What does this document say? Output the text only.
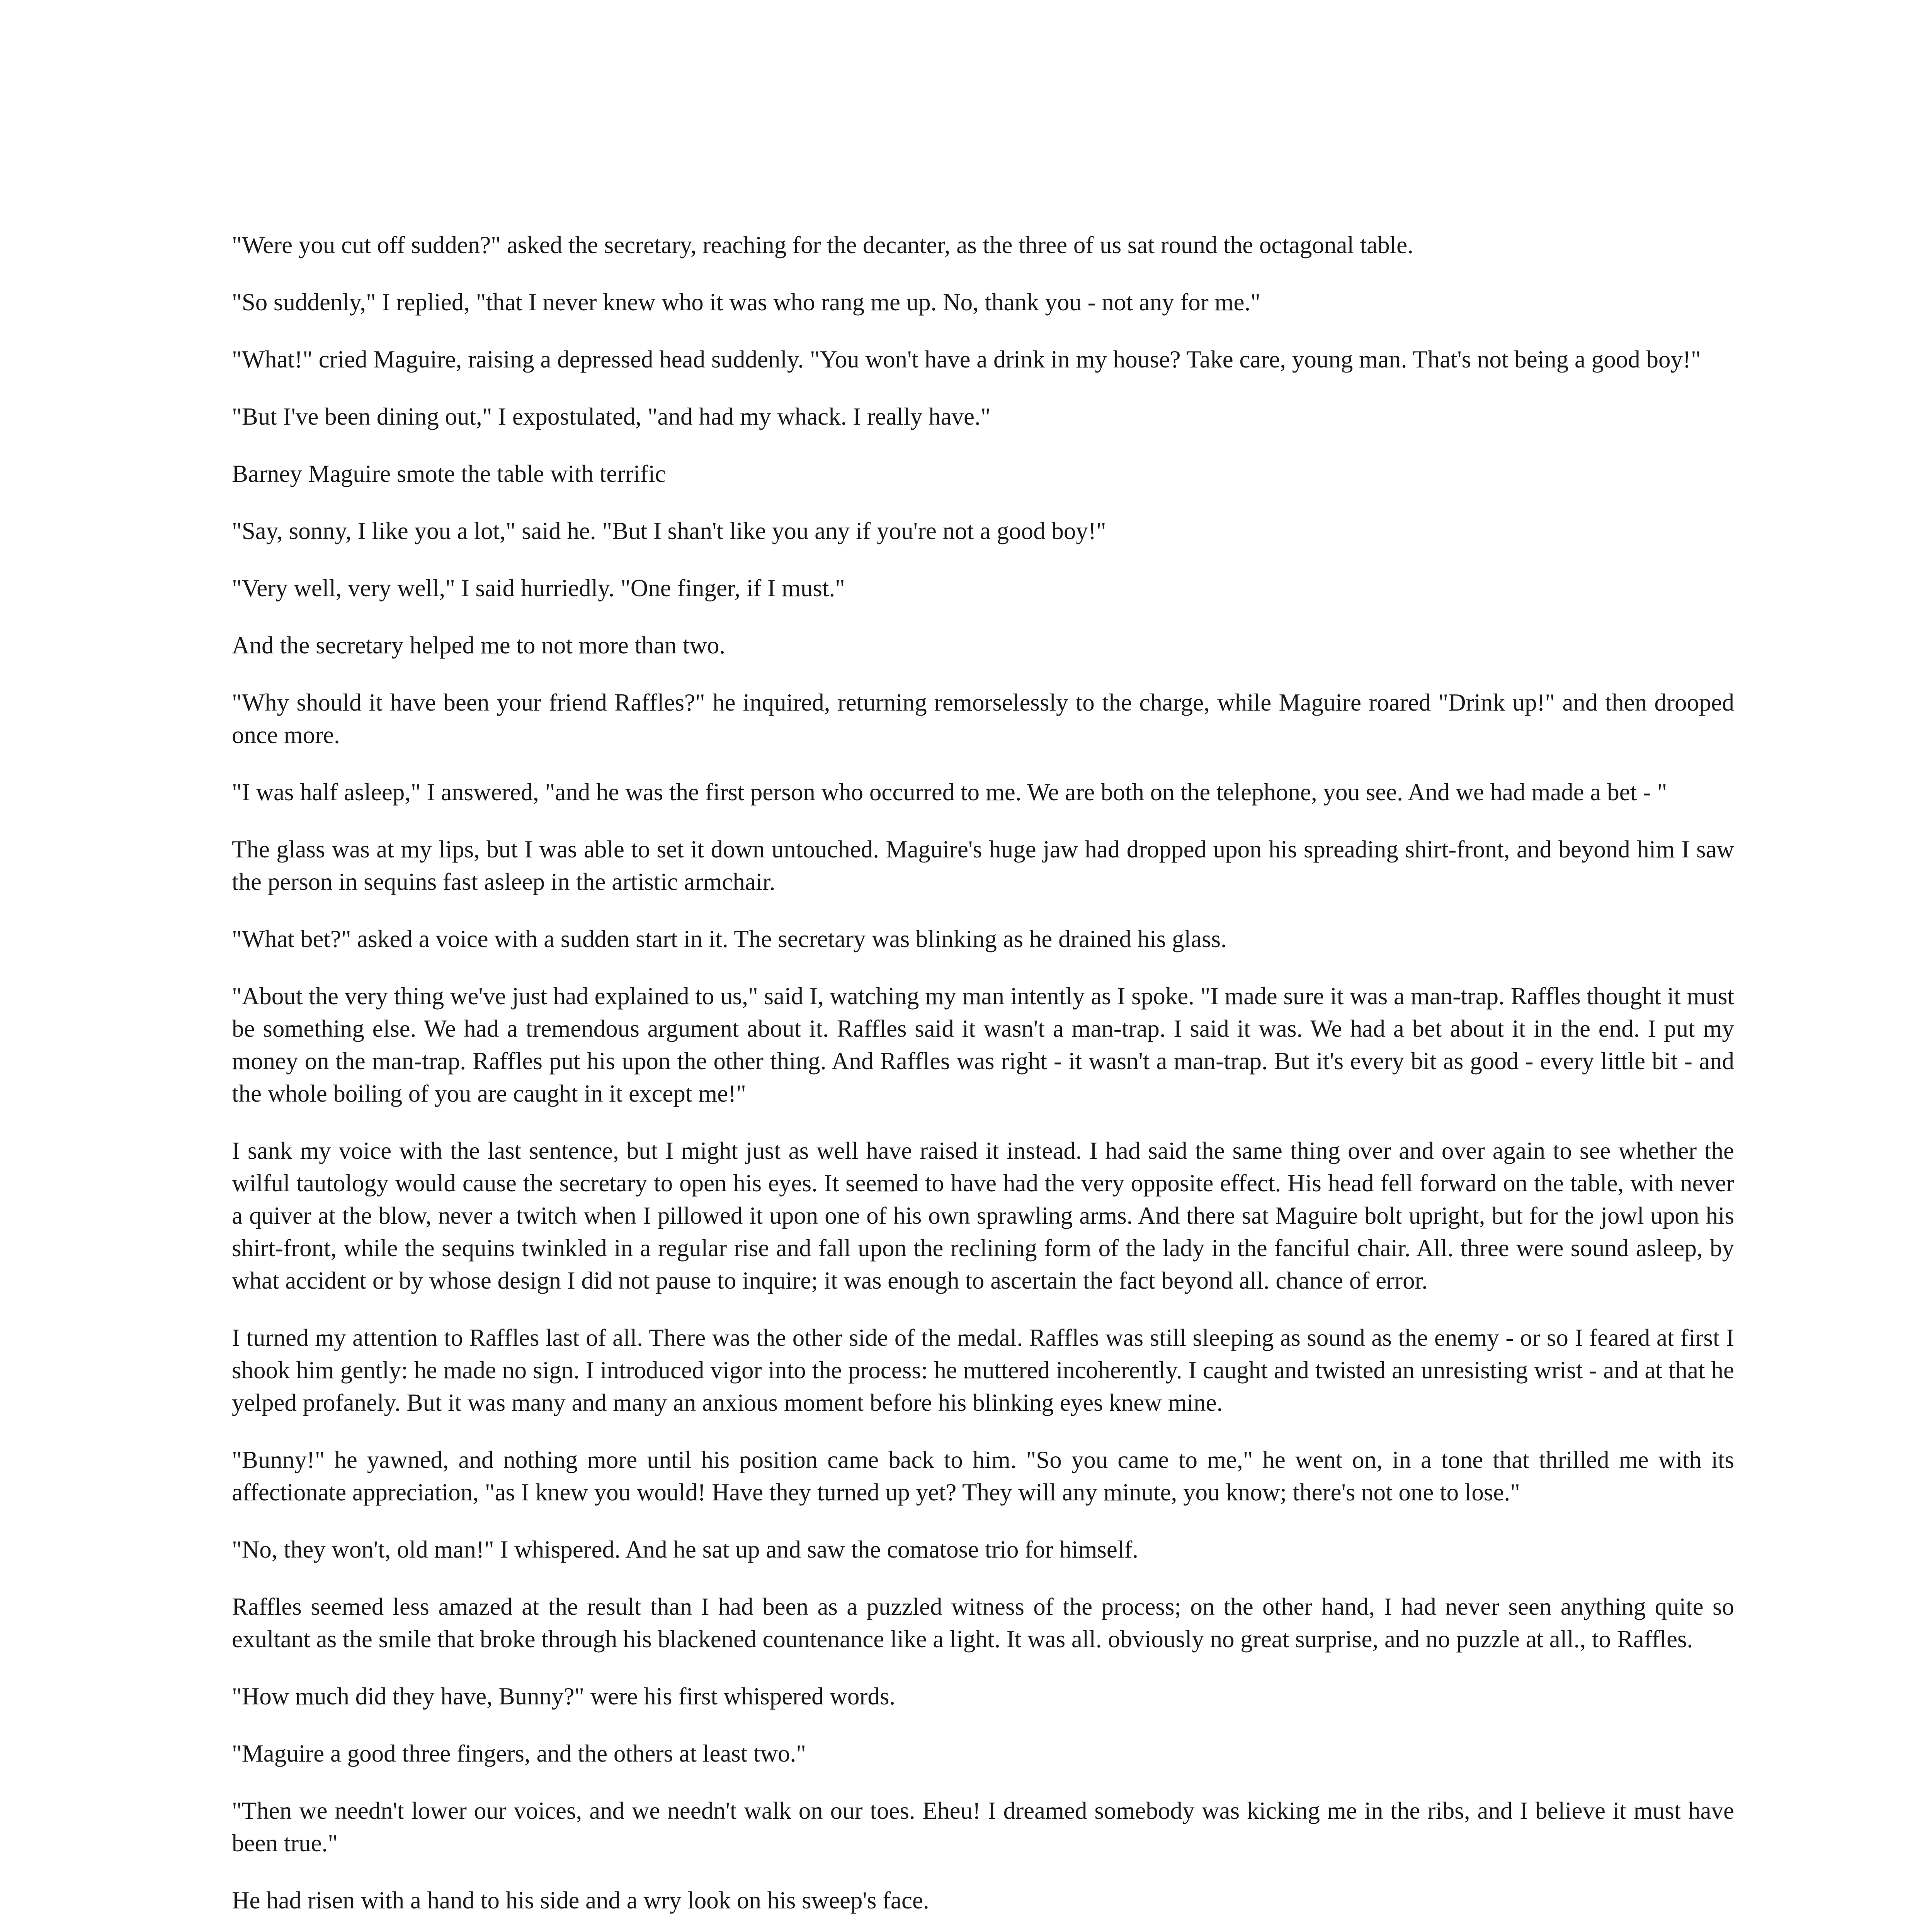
"Were you cut off sudden?" asked the secretary, reaching for the decanter, as the three of us sat round the octagonal table.

"So suddenly," I replied, "that I never knew who it was who rang me up. No, thank you - not any for me."

"What!" cried Maguire, raising a depressed head suddenly. "You won't have a drink in my house? Take care, young man. That's not being a good boy!"

"But I've been dining out," I expostulated, "and had my whack. I really have."

Barney Maguire smote the table with terrific

"Say, sonny, I like you a lot," said he. "But I shan't like you any if you're not a good boy!"

"Very well, very well," I said hurriedly. "One finger, if I must."

And the secretary helped me to not more than two.

"Why should it have been your friend Raffles?" he inquired, returning remorselessly to the charge, while Maguire roared "Drink up!" and then drooped once more.

"I was half asleep," I answered, "and he was the first person who occurred to me. We are both on the telephone, you see. And we had made a bet - "

The glass was at my lips, but I was able to set it down untouched. Maguire's huge jaw had dropped upon his spreading shirt-front, and beyond him I saw the person in sequins fast asleep in the artistic armchair.

"What bet?" asked a voice with a sudden start in it. The secretary was blinking as he drained his glass.

"About the very thing we've just had explained to us," said I, watching my man intently as I spoke. "I made sure it was a man-trap. Raffles thought it must be something else. We had a tremendous argument about it. Raffles said it wasn't a man-trap. I said it was. We had a bet about it in the end. I put my money on the man-trap. Raffles put his upon the other thing. And Raffles was right - it wasn't a man-trap. But it's every bit as good - every little bit - and the whole boiling of you are caught in it except me!"

I sank my voice with the last sentence, but I might just as well have raised it instead. I had said the same thing over and over again to see whether the wilful tautology would cause the secretary to open his eyes. It seemed to have had the very opposite effect. His head fell forward on the table, with never a quiver at the blow, never a twitch when I pillowed it upon one of his own sprawling arms. And there sat Maguire bolt upright, but for the jowl upon his shirt-front, while the sequins twinkled in a regular rise and fall upon the reclining form of the lady in the fanciful chair. All. three were sound asleep, by what accident or by whose design I did not pause to inquire; it was enough to ascertain the fact beyond all. chance of error.

I turned my attention to Raffles last of all. There was the other side of the medal. Raffles was still sleeping as sound as the enemy - or so I feared at first I shook him gently: he made no sign. I introduced vigor into the process: he muttered incoherently. I caught and twisted an unresisting wrist - and at that he yelped profanely. But it was many and many an anxious moment before his blinking eyes knew mine.

"Bunny!" he yawned, and nothing more until his position came back to him. "So you came to me," he went on, in a tone that thrilled me with its affectionate appreciation, "as I knew you would! Have they turned up yet? They will any minute, you know; there's not one to lose."

"No, they won't, old man!" I whispered. And he sat up and saw the comatose trio for himself.

Raffles seemed less amazed at the result than I had been as a puzzled witness of the process; on the other hand, I had never seen anything quite so exultant as the smile that broke through his blackened countenance like a light. It was all. obviously no great surprise, and no puzzle at all., to Raffles.

"How much did they have, Bunny?" were his first whispered words.

"Maguire a good three fingers, and the others at least two."

"Then we needn't lower our voices, and we needn't walk on our toes. Eheu! I dreamed somebody was kicking me in the ribs, and I believe it must have been true."

He had risen with a hand to his side and a wry look on his sweep's face.
